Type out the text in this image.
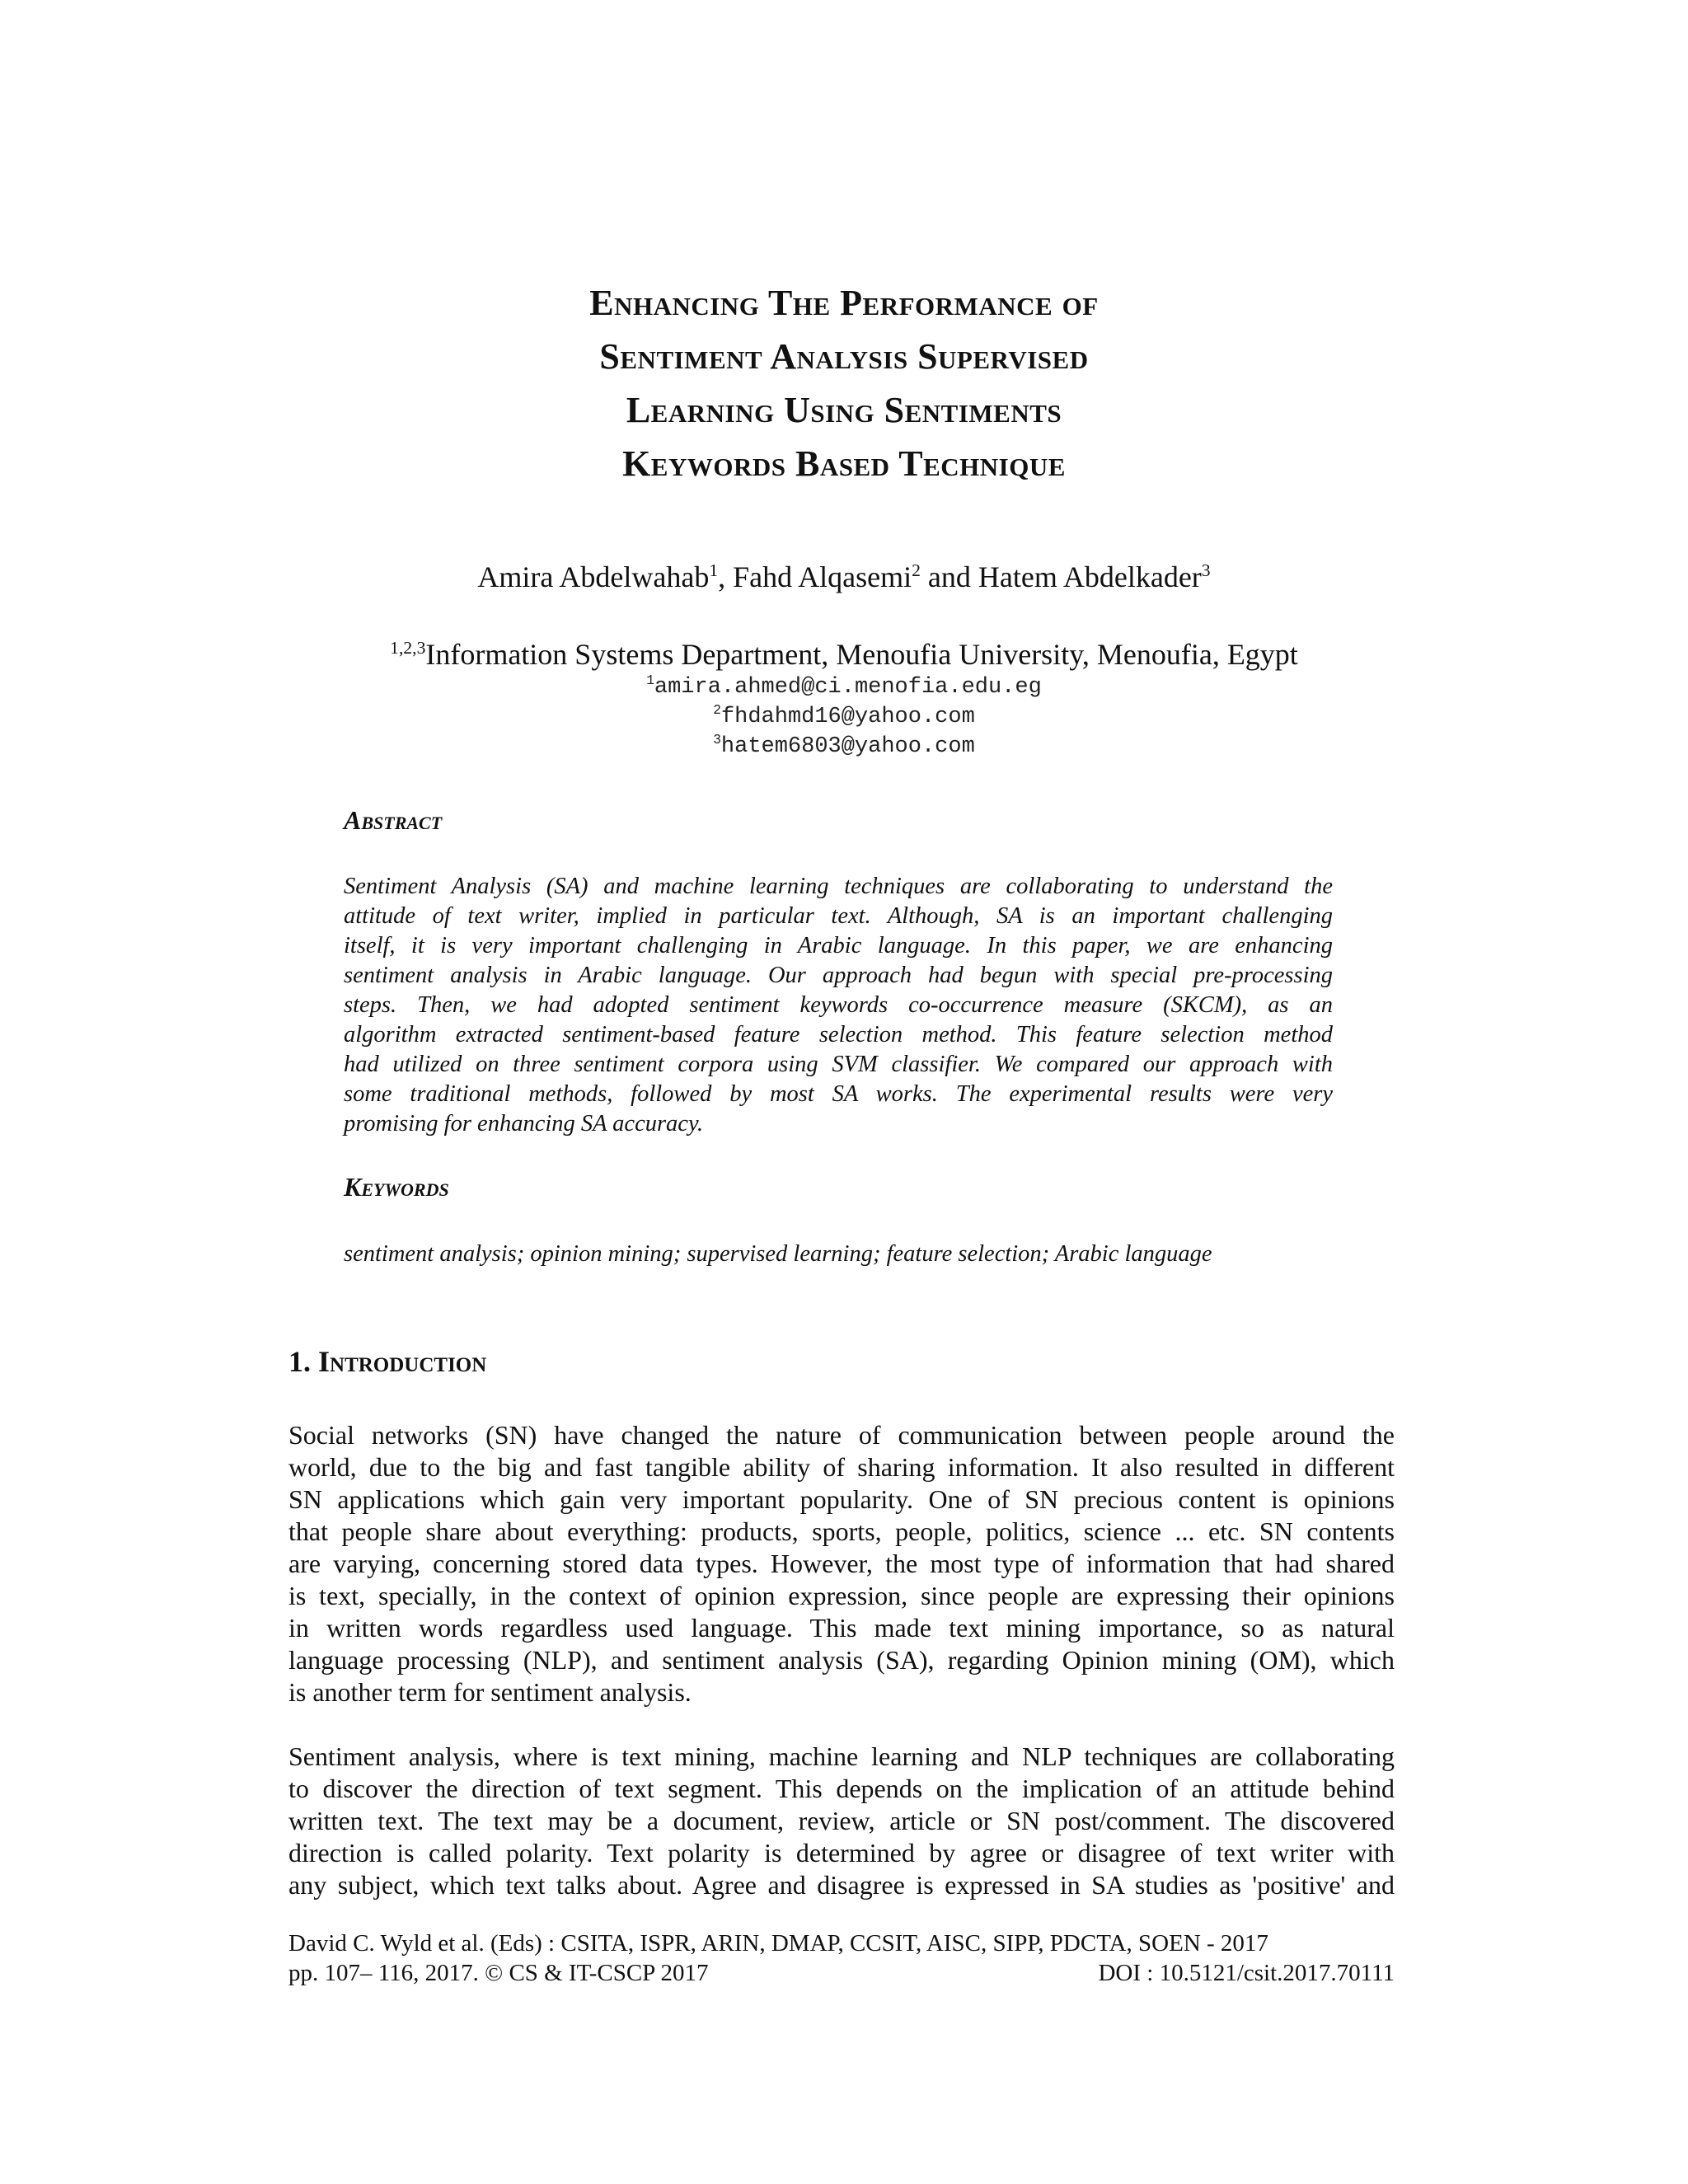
Enhancing The Performance of
Sentiment Analysis Supervised
Learning Using Sentiments
Keywords Based Technique
Amira Abdelwahab$^1$, Fahd Alqasemi$^2$ and Hatem Abdelkader$^3$
$^{1,2,3}$Information Systems Department, Menoufia University, Menoufia, Egypt
$^1$amira.ahmed@ci.menofia.edu.eg
$^2$fhdahmd16@yahoo.com
$^3$hatem6803@yahoo.com
Abstract
Sentiment Analysis (SA) and machine learning techniques are collaborating to understand the
attitude of text writer, implied in particular text. Although, SA is an important challenging
itself, it is very important challenging in Arabic language. In this paper, we are enhancing
sentiment analysis in Arabic language. Our approach had begun with special pre-processing
steps. Then, we had adopted sentiment keywords co-occurrence measure (SKCM), as an
algorithm extracted sentiment-based feature selection method. This feature selection method
had utilized on three sentiment corpora using SVM classifier. We compared our approach with
some traditional methods, followed by most SA works. The experimental results were very
promising for enhancing SA accuracy.
Keywords
sentiment analysis; opinion mining; supervised learning; feature selection; Arabic language
1. Introduction
Social networks (SN) have changed the nature of communication between people around the
world, due to the big and fast tangible ability of sharing information. It also resulted in different
SN applications which gain very important popularity. One of SN precious content is opinions
that people share about everything: products, sports, people, politics, science ... etc. SN contents
are varying, concerning stored data types. However, the most type of information that had shared
is text, specially, in the context of opinion expression, since people are expressing their opinions
in written words regardless used language. This made text mining importance, so as natural
language processing (NLP), and sentiment analysis (SA), regarding Opinion mining (OM), which
is another term for sentiment analysis.
Sentiment analysis, where is text mining, machine learning and NLP techniques are collaborating
to discover the direction of text segment. This depends on the implication of an attitude behind
written text. The text may be a document, review, article or SN post/comment. The discovered
direction is called polarity. Text polarity is determined by agree or disagree of text writer with
any subject, which text talks about. Agree and disagree is expressed in SA studies as 'positive' and
David C. Wyld et al. (Eds) : CSITA, ISPR, ARIN, DMAP, CCSIT, AISC, SIPP, PDCTA, SOEN - 2017
pp. 107– 116, 2017. © CS & IT-CSCP 2017	DOI : 10.5121/csit.2017.70111
